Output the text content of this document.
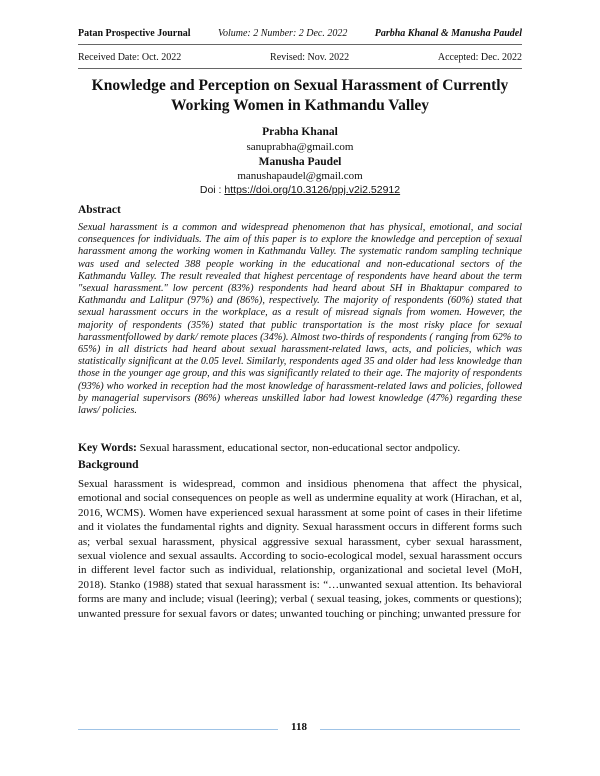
Patan Prospective Journal	Volume: 2 Number: 2 Dec. 2022	Parbha Khanal & Manusha Paudel
Received Date: Oct. 2022	Revised: Nov. 2022	Accepted: Dec. 2022
Knowledge and Perception on Sexual Harassment of Currently
Working Women in Kathmandu Valley
Prabha Khanal
sanuprabha@gmail.com
Manusha Paudel
manushapaudel@gmail.com
Doi : https://doi.org/10.3126/ppj.v2i2.52912
Abstract
Sexual harassment is a common and widespread phenomenon that has physical, emotional, and social consequences for individuals. The aim of this paper is to explore the knowledge and perception of sexual harassment among the working women in Kathmandu Valley. The systematic random sampling technique was used and selected 388 people working in the educational and non-educational sectors of the Kathmandu Valley. The result revealed that highest percentage of respondents have heard about the term "sexual harassment." low percent (83%) respondents had heard about SH in Bhaktapur compared to Kathmandu and Lalitpur (97%) and (86%), respectively. The majority of respondents (60%) stated that sexual harassment occurs in the workplace, as a result of misread signals from women. However, the majority of respondents (35%) stated that public transportation is the most risky place for sexual harassmentfollowed by dark/ remote places (34%). Almost two-thirds of respondents ( ranging from 62% to 65%) in all districts had heard about sexual harassment-related laws, acts, and policies, which was statistically significant at the 0.05 level. Similarly, respondents aged 35 and older had less knowledge than those in the younger age group, and this was significantly related to their age. The majority of respondents (93%) who worked in reception had the most knowledge of harassment-related laws and policies, followed by managerial supervisors (86%) whereas unskilled labor had lowest knowledge (47%) regarding these laws/ policies.
Key Words: Sexual harassment, educational sector, non-educational sector andpolicy.
Background
Sexual harassment is widespread, common and insidious phenomena that affect the physical, emotional and social consequences on people as well as undermine equality at work (Hirachan, et al, 2016, WCMS). Women have experienced sexual harassment at some point of cases in their lifetime and it violates the fundamental rights and dignity. Sexual harassment occurs in different forms such as; verbal sexual harassment, physical aggressive sexual harassment, cyber sexual harassment, sexual violence and sexual assaults. According to socio-ecological model, sexual harassment occurs in different level factor such as individual, relationship, organizational and societal level (MoH, 2018). Stanko (1988) stated that sexual harassment is: “…unwanted sexual attention. Its behavioral forms are many and include; visual (leering); verbal ( sexual teasing, jokes, comments or questions); unwanted pressure for sexual favors or dates; unwanted touching or pinching; unwanted pressure for
118
